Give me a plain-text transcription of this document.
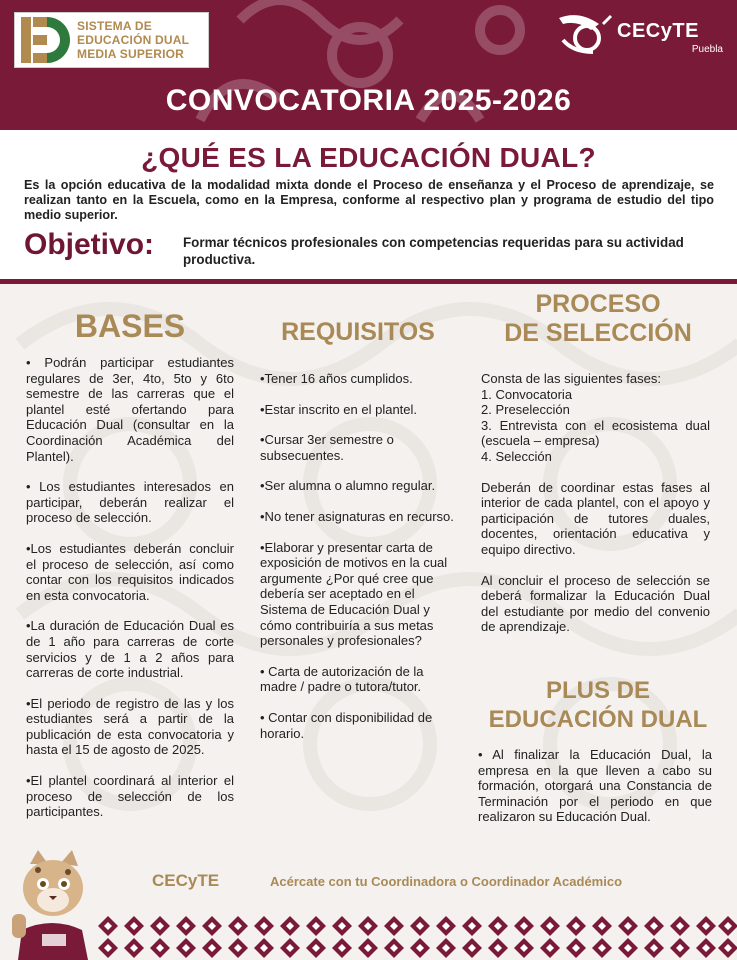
SISTEMA DE
EDUCACIÓN DUAL
MEDIA SUPERIOR
CECyTE
Puebla
CONVOCATORIA 2025-2026
¿QUÉ ES LA EDUCACIÓN DUAL?
Es la opción educativa de la modalidad mixta donde el Proceso de enseñanza y el Proceso de aprendizaje, se realizan tanto en la Escuela, como en la Empresa, conforme al respectivo plan y programa de estudio del tipo medio superior.
Objetivo: Formar técnicos profesionales con competencias requeridas para su actividad productiva.
BASES	REQUISITOS
PROCESO
DE SELECCIÓN
PLUS DE
EDUCACIÓN DUAL

• Podrán participar estudiantes regulares de 3er, 4to, 5to y 6to semestre de las carreras que el plantel esté ofertando para Educación Dual (consultar en la Coordinación Académica del Plantel).

• Los estudiantes interesados en participar, deberán realizar el proceso de selección.

•Los estudiantes deberán concluir el proceso de selección, así como contar con los requisitos indicados en esta convocatoria.

•La duración de Educación Dual es de 1 año para carreras de corte servicios y de 1 a 2 años para carreras de corte industrial.

•El periodo de registro de las y los estudiantes será a partir de la publicación de esta convocatoria y hasta el 15 de agosto de 2025.

•El plantel coordinará al interior el proceso de selección de los participantes.

•Tener 16 años cumplidos.

•Estar inscrito en el plantel.

•Cursar 3er semestre o subsecuentes.

•Ser alumna o alumno regular.

•No tener asignaturas en recurso.

•Elaborar y presentar carta de exposición de motivos en la cual argumente ¿Por qué cree que debería ser aceptado en el Sistema de Educación Dual y cómo contribuiría a sus metas personales y profesionales?

• Carta de autorización de la madre / padre o tutora/tutor.

• Contar con disponibilidad de horario.

Consta de las siguientes fases:
1. Convocatoria
2. Preselección
3. Entrevista con el ecosistema dual (escuela – empresa)
4. Selección

Deberán de coordinar estas fases al interior de cada plantel, con el apoyo y participación de tutores duales, docentes, orientación educativa y equipo directivo.

Al concluir el proceso de selección se deberá formalizar la Educación Dual del estudiante por medio del convenio de aprendizaje.

• Al finalizar la Educación Dual, la empresa en la que lleven a cabo su formación, otorgará una Constancia de Terminación por el periodo en que realizaron su Educación Dual.

CECyTE	Acércate con tu Coordinadora o Coordinador Académico
